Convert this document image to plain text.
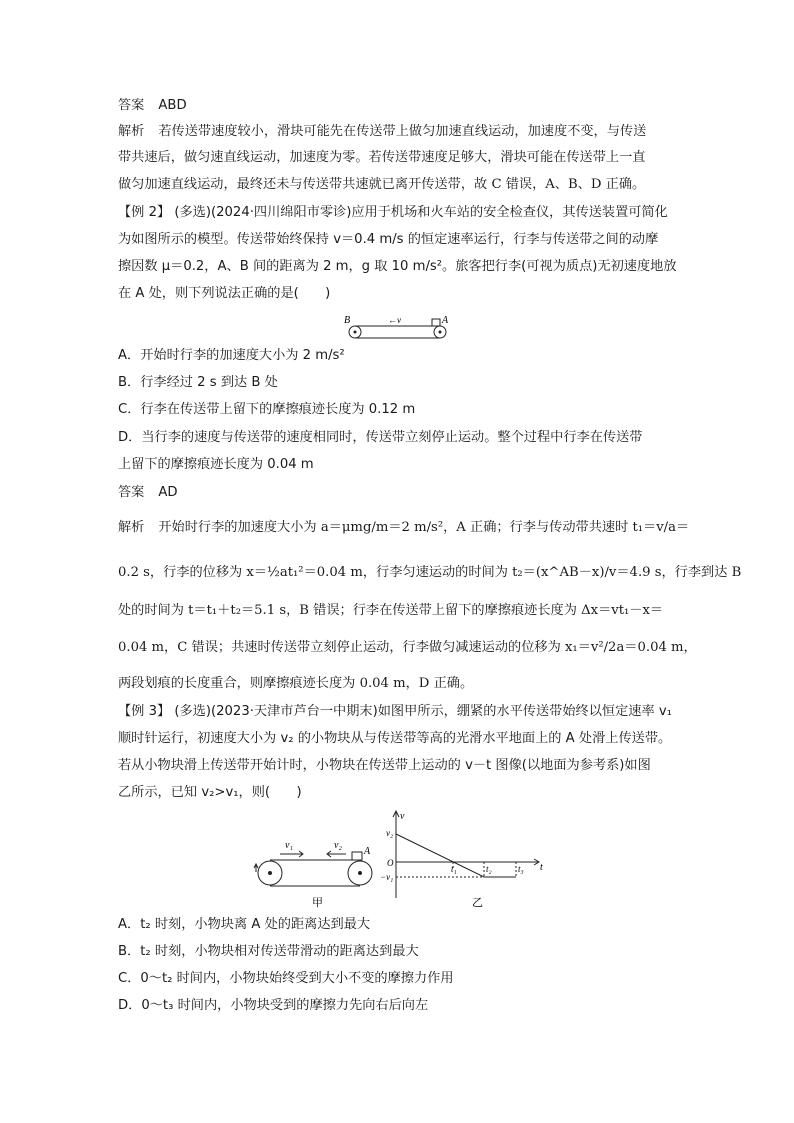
答案 ABD
解析 若传送带速度较小，滑块可能先在传送带上做匀加速直线运动，加速度不变，与传送
带共速后，做匀速直线运动，加速度为零。若传送带速度足够大，滑块可能在传送带上一直
做匀加速直线运动，最终还未与传送带共速就已离开传送带，故 C 错误，A、B、D 正确。
【例 2】 (多选)(2024·四川绵阳市零诊)应用于机场和火车站的安全检查仪，其传送装置可简化
为如图所示的模型。传送带始终保持 v＝0.4 m/s 的恒定速率运行，行李与传送带之间的动摩
擦因数 μ＝0.2，A、B 间的距离为 2 m，g 取 10 m/s²。旅客把行李(可视为质点)无初速度地放
在 A 处，则下列说法正确的是(　　)
B	A
←v
A．开始时行李的加速度大小为 2 m/s²
B．行李经过 2 s 到达 B 处
C．行李在传送带上留下的摩擦痕迹长度为 0.12 m
D．当行李的速度与传送带的速度相同时，传送带立刻停止运动。整个过程中行李在传送带
上留下的摩擦痕迹长度为 0.04 m
答案 AD
解析 开始时行李的加速度大小为 a＝μmg/m＝2 m/s²，A 正确；行李与传动带共速时 t₁＝v/a＝
0.2 s，行李的位移为 x＝½at₁²＝0.04 m，行李匀速运动的时间为 t₂＝(x^AB－x)/v＝4.9 s，行李到达 B
处的时间为 t＝t₁＋t₂＝5.1 s，B 错误；行李在传送带上留下的摩擦痕迹长度为 Δx＝vt₁－x＝
0.04 m，C 错误；共速时传送带立刻停止运动，行李做匀减速运动的位移为 x₁＝v²/2a＝0.04 m，
两段划痕的长度重合，则摩擦痕迹长度为 0.04 m，D 正确。
【例 3】 (多选)(2023·天津市芦台一中期末)如图甲所示，绷紧的水平传送带始终以恒定速率 v₁
顺时针运行，初速度大小为 v₂ 的小物块从与传送带等高的光滑水平地面上的 A 处滑上传送带。
若从小物块滑上传送带开始计时，小物块在传送带上运动的 v－t 图像(以地面为参考系)如图
乙所示，已知 v₂>v₁，则(　　)
v₁	v₂
A
甲
v
t
v₂
O
−v₁
t₁	t₂	t₃
乙
A．t₂ 时刻，小物块离 A 处的距离达到最大
B．t₂ 时刻，小物块相对传送带滑动的距离达到最大
C．0～t₂ 时间内，小物块始终受到大小不变的摩擦力作用
D．0～t₃ 时间内，小物块受到的摩擦力先向右后向左
